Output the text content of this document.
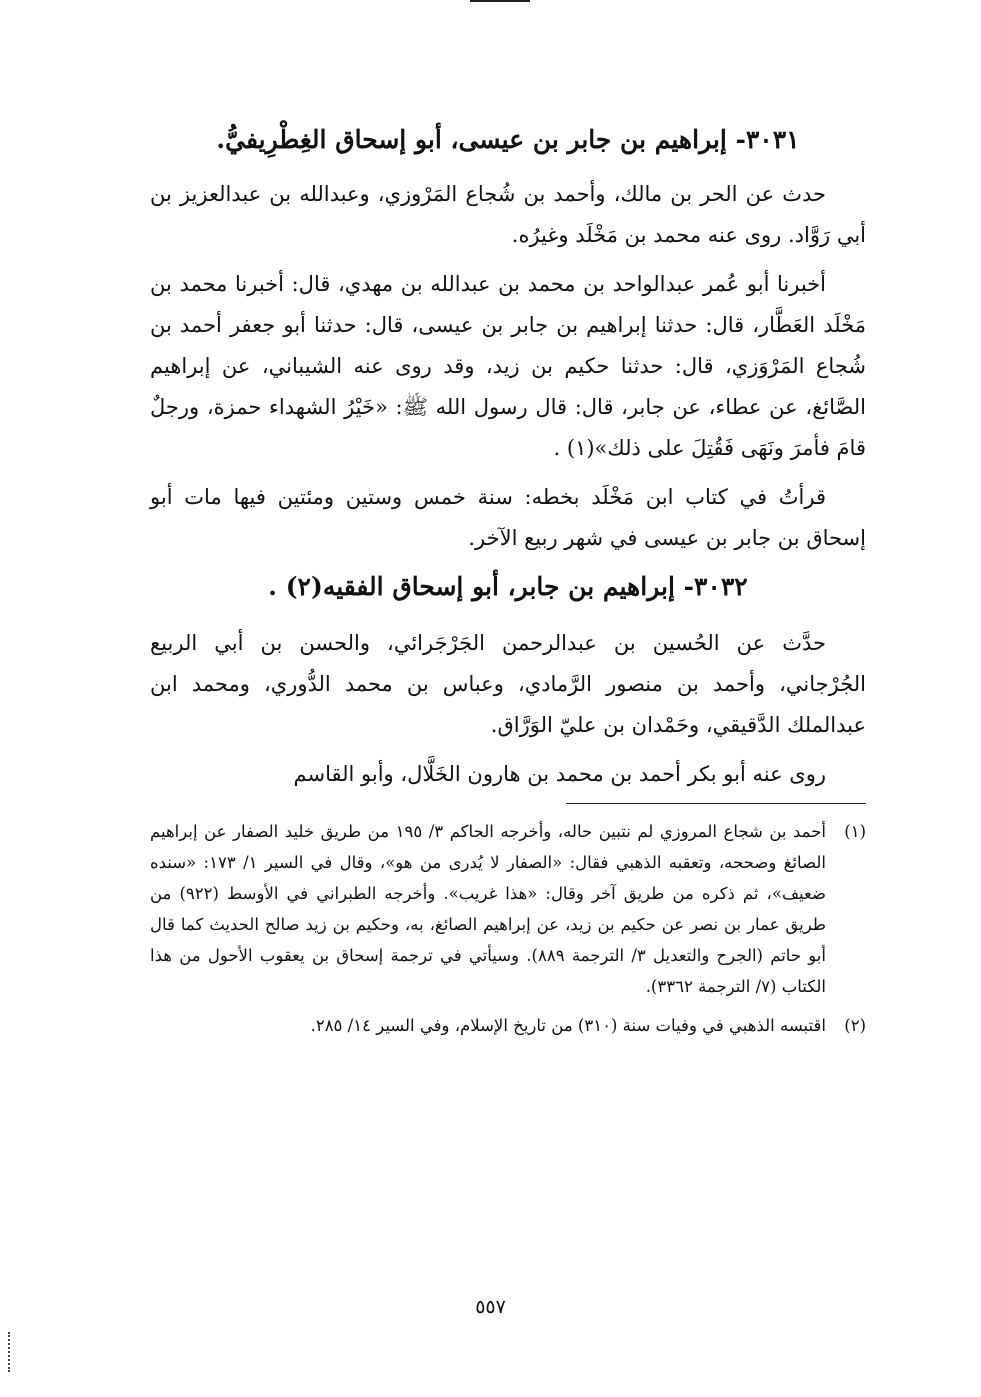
٣٠٣١- إبراهيم بن جابر بن عيسى، أبو إسحاق الغِطْرِيفيُّ.

حدث عن الحر بن مالك، وأحمد بن شُجاع المَرْوزي، وعبدالله بن عبدالعزيز بن أبي رَوَّاد. روى عنه محمد بن مَخْلَد وغيرُه.

أخبرنا أبو عُمر عبدالواحد بن محمد بن عبدالله بن مهدي، قال: أخبرنا محمد بن مَخْلَد العَطَّار، قال: حدثنا إبراهيم بن جابر بن عيسى، قال: حدثنا أبو جعفر أحمد بن شُجاع المَرْوَزي، قال: حدثنا حكيم بن زيد، وقد روى عنه الشيباني، عن إبراهيم الصَّائغ، عن عطاء، عن جابر، قال: قال رسول الله ﷺ: «خَيْرُ الشهداء حمزة، ورجلٌ قامَ فأمرَ ونَهَى فَقُتِلَ على ذلك»(١) .

قرأتُ في كتاب ابن مَخْلَد بخطه: سنة خمس وستين ومئتين فيها مات أبو إسحاق بن جابر بن عيسى في شهر ربيع الآخر.

٣٠٣٢- إبراهيم بن جابر، أبو إسحاق الفقيه(٢) .

حدَّث عن الحُسين بن عبدالرحمن الجَرْجَرائي، والحسن بن أبي الربيع الجُرْجاني، وأحمد بن منصور الرَّمادي، وعباس بن محمد الدُّوري، ومحمد ابن عبدالملك الدَّقيقي، وحَمْدان بن عليّ الوَرَّاق.

روى عنه أبو بكر أحمد بن محمد بن هارون الخَلَّال، وأبو القاسم

(١)
أحمد بن شجاع المروزي لم نتبين حاله، وأخرجه الحاكم ٣/ ١٩٥ من طريق خليد الصفار عن إبراهيم الصائغ وصححه، وتعقبه الذهبي فقال: «الصفار لا يُدرى من هو»، وقال في السير ١/ ١٧٣: «سنده ضعيف»، ثم ذكره من طريق آخر وقال: «هذا غريب». وأخرجه الطبراني في الأوسط (٩٢٢) من طريق عمار بن نصر عن حكيم بن زيد، عن إبراهيم الصائغ، به، وحكيم بن زيد صالح الحديث كما قال أبو حاتم (الجرح والتعديل ٣/ الترجمة ٨٨٩). وسيأتي في ترجمة إسحاق بن يعقوب الأحول من هذا الكتاب (٧/ الترجمة ٣٣٦٢).
(٢)
اقتبسه الذهبي في وفيات سنة (٣١٠) من تاريخ الإسلام، وفي السير ١٤/ ٢٨٥.
٥٥٧
